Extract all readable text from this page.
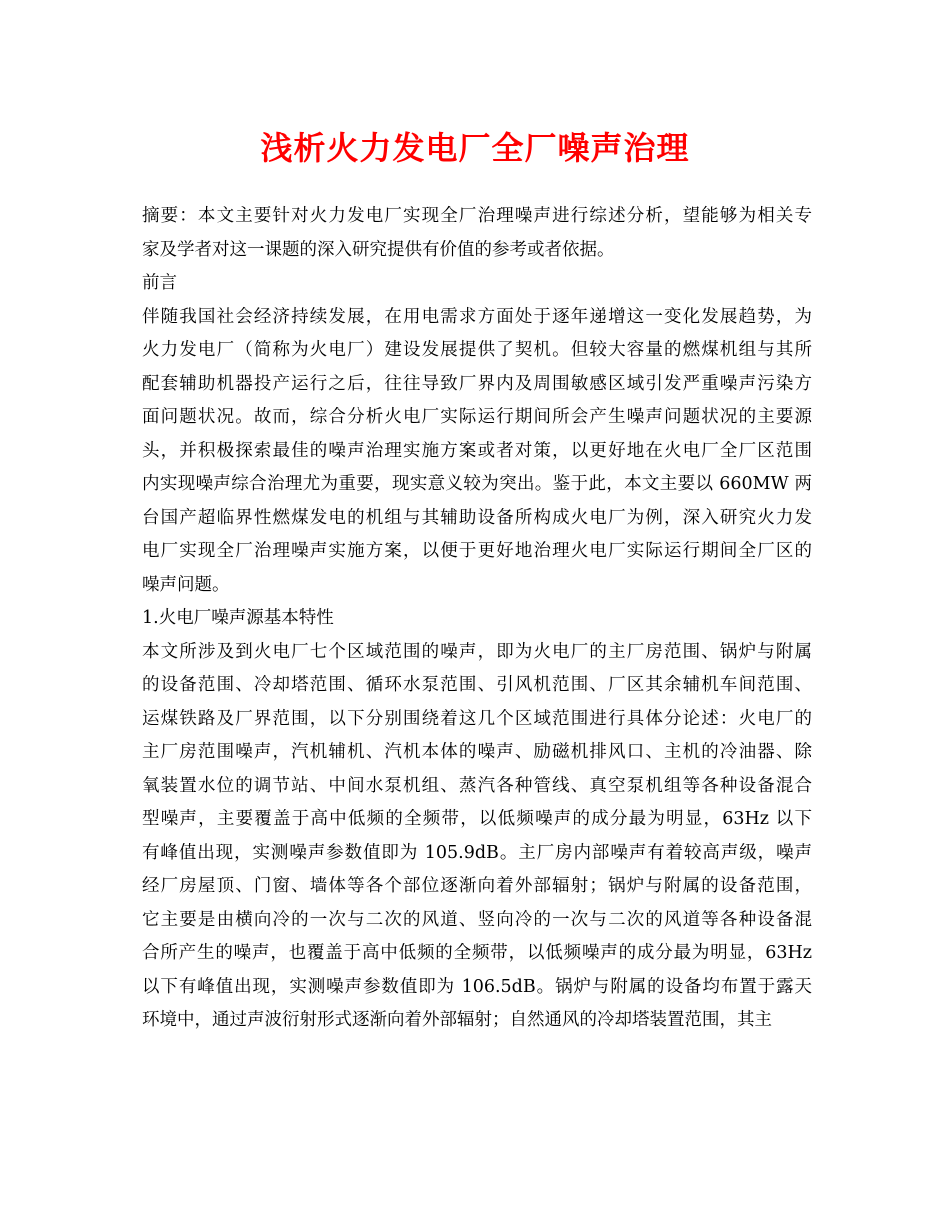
浅析火力发电厂全厂噪声治理

摘要：本文主要针对火力发电厂实现全厂治理噪声进行综述分析，望能够为相关专

家及学者对这一课题的深入研究提供有价值的参考或者依据。

前言

伴随我国社会经济持续发展，在用电需求方面处于逐年递增这一变化发展趋势，为

火力发电厂（简称为火电厂）建设发展提供了契机。但较大容量的燃煤机组与其所

配套辅助机器投产运行之后，往往导致厂界内及周围敏感区域引发严重噪声污染方

面问题状况。故而，综合分析火电厂实际运行期间所会产生噪声问题状况的主要源

头，并积极探索最佳的噪声治理实施方案或者对策，以更好地在火电厂全厂区范围

内实现噪声综合治理尤为重要，现实意义较为突出。鉴于此，本文主要以 660MW 两

台国产超临界性燃煤发电的机组与其辅助设备所构成火电厂为例，深入研究火力发

电厂实现全厂治理噪声实施方案，以便于更好地治理火电厂实际运行期间全厂区的

噪声问题。

1.火电厂噪声源基本特性

本文所涉及到火电厂七个区域范围的噪声，即为火电厂的主厂房范围、锅炉与附属

的设备范围、冷却塔范围、循环水泵范围、引风机范围、厂区其余辅机车间范围、

运煤铁路及厂界范围，以下分别围绕着这几个区域范围进行具体分论述：火电厂的

主厂房范围噪声，汽机辅机、汽机本体的噪声、励磁机排风口、主机的冷油器、除

氧装置水位的调节站、中间水泵机组、蒸汽各种管线、真空泵机组等各种设备混合

型噪声，主要覆盖于高中低频的全频带，以低频噪声的成分最为明显，63Hz 以下

有峰值出现，实测噪声参数值即为 105.9dB。主厂房内部噪声有着较高声级，噪声

经厂房屋顶、门窗、墙体等各个部位逐渐向着外部辐射；锅炉与附属的设备范围，

它主要是由横向冷的一次与二次的风道、竖向冷的一次与二次的风道等各种设备混

合所产生的噪声，也覆盖于高中低频的全频带，以低频噪声的成分最为明显，63Hz

以下有峰值出现，实测噪声参数值即为 106.5dB。锅炉与附属的设备均布置于露天

环境中，通过声波衍射形式逐渐向着外部辐射；自然通风的冷却塔装置范围，其主
